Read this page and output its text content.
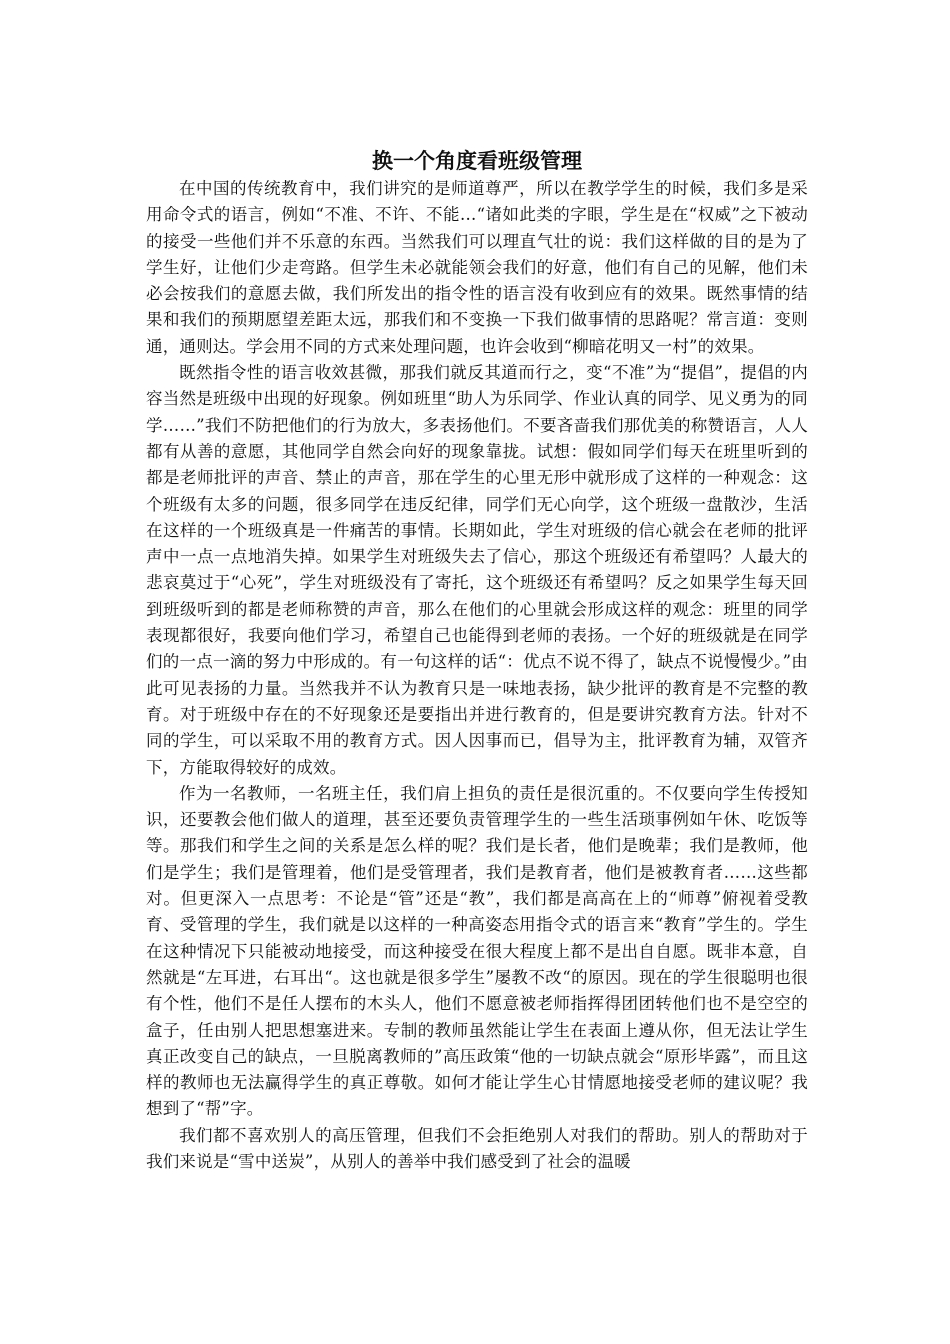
换一个角度看班级管理

在中国的传统教育中，我们讲究的是师道尊严，所以在教学学生的时候，我们多是采用命令式的语言，例如“不准、不许、不能…“诸如此类的字眼，学生是在“权威”之下被动的接受一些他们并不乐意的东西。当然我们可以理直气壮的说：我们这样做的目的是为了学生好，让他们少走弯路。但学生未必就能领会我们的好意，他们有自己的见解，他们未必会按我们的意愿去做，我们所发出的指令性的语言没有收到应有的效果。既然事情的结果和我们的预期愿望差距太远，那我们和不变换一下我们做事情的思路呢？常言道：变则通，通则达。学会用不同的方式来处理问题，也许会收到“柳暗花明又一村”的效果。

既然指令性的语言收效甚微，那我们就反其道而行之，变“不准”为“提倡”，提倡的内容当然是班级中出现的好现象。例如班里“助人为乐同学、作业认真的同学、见义勇为的同学……”我们不防把他们的行为放大，多表扬他们。不要吝啬我们那优美的称赞语言，人人都有从善的意愿，其他同学自然会向好的现象靠拢。试想：假如同学们每天在班里听到的都是老师批评的声音、禁止的声音，那在学生的心里无形中就形成了这样的一种观念：这个班级有太多的问题，很多同学在违反纪律，同学们无心向学，这个班级一盘散沙，生活在这样的一个班级真是一件痛苦的事情。长期如此，学生对班级的信心就会在老师的批评声中一点一点地消失掉。如果学生对班级失去了信心，那这个班级还有希望吗？人最大的悲哀莫过于“心死”，学生对班级没有了寄托，这个班级还有希望吗？反之如果学生每天回到班级听到的都是老师称赞的声音，那么在他们的心里就会形成这样的观念：班里的同学表现都很好，我要向他们学习，希望自己也能得到老师的表扬。一个好的班级就是在同学们的一点一滴的努力中形成的。有一句这样的话“：优点不说不得了，缺点不说慢慢少。”由此可见表扬的力量。当然我并不认为教育只是一味地表扬，缺少批评的教育是不完整的教育。对于班级中存在的不好现象还是要指出并进行教育的，但是要讲究教育方法。针对不同的学生，可以采取不用的教育方式。因人因事而已，倡导为主，批评教育为辅，双管齐下，方能取得较好的成效。

作为一名教师，一名班主任，我们肩上担负的责任是很沉重的。不仅要向学生传授知识，还要教会他们做人的道理，甚至还要负责管理学生的一些生活琐事例如午休、吃饭等等。那我们和学生之间的关系是怎么样的呢？我们是长者，他们是晚辈；我们是教师，他们是学生；我们是管理着，他们是受管理者，我们是教育者，他们是被教育者……这些都对。但更深入一点思考：不论是“管”还是“教”，我们都是高高在上的“师尊”俯视着受教育、受管理的学生，我们就是以这样的一种高姿态用指令式的语言来“教育”学生的。学生在这种情况下只能被动地接受，而这种接受在很大程度上都不是出自自愿。既非本意，自然就是“左耳进，右耳出“。这也就是很多学生”屡教不改“的原因。现在的学生很聪明也很有个性，他们不是任人摆布的木头人，他们不愿意被老师指挥得团团转他们也不是空空的盒子，任由别人把思想塞进来。专制的教师虽然能让学生在表面上遵从你，但无法让学生真正改变自己的缺点，一旦脱离教师的”高压政策“他的一切缺点就会“原形毕露”，而且这样的教师也无法赢得学生的真正尊敬。如何才能让学生心甘情愿地接受老师的建议呢？我想到了“帮”字。

我们都不喜欢别人的高压管理，但我们不会拒绝别人对我们的帮助。别人的帮助对于我们来说是“雪中送炭”，从别人的善举中我们感受到了社会的温暖
